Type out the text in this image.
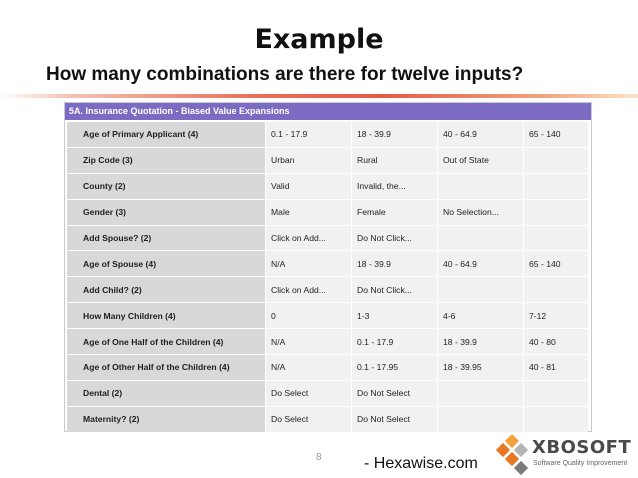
Example
How many combinations are there for twelve inputs?
5A. Insurance Quotation - Biased Value Expansions
Age of Primary Applicant (4)	0.1 - 17.9	18 - 39.9	40 - 64.9	65 - 140
Zip Code (3)	Urban	Rural	Out of State
County (2)	Valid	Invalid, the...
Gender (3)	Male	Female	No Selection...
Add Spouse? (2)	Click on Add...	Do Not Click...
Age of Spouse (4)	N/A	18 - 39.9	40 - 64.9	65 - 140
Add Child? (2)	Click on Add...	Do Not Click...
How Many Children (4)	0	1-3	4-6	7-12
Age of One Half of the Children (4)	N/A	0.1 - 17.9	18 - 39.9	40 - 80
Age of Other Half of the Children (4)	N/A	0.1 - 17.95	18 - 39.95	40 - 81
Dental (2)	Do Select	Do Not Select
Maternity? (2)	Do Select	Do Not Select
8	- Hexawise.com
XBOSOFT
Software Quality Improvement
